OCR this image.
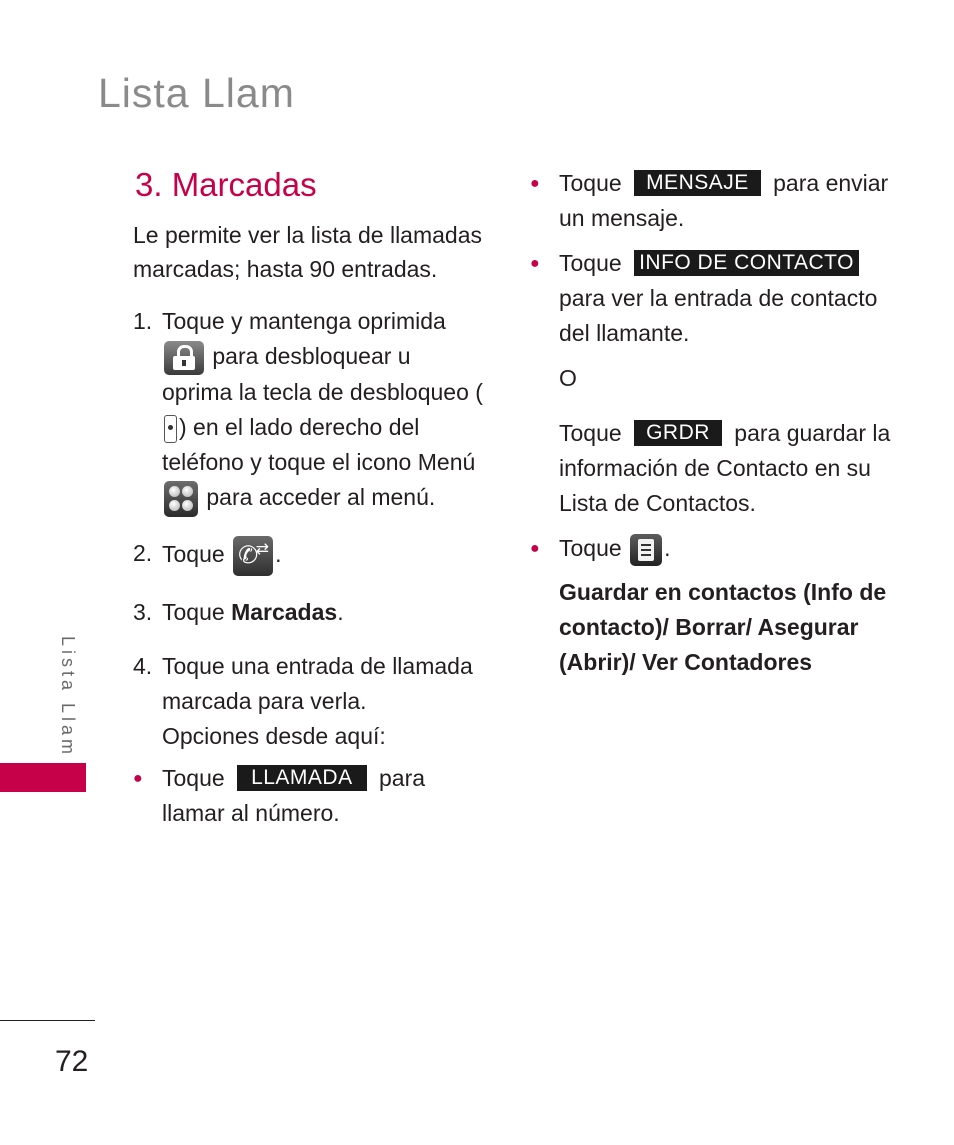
Lista Llam
3. Marcadas

Le permite ver la lista de llamadas marcadas; hasta 90 entradas.

1. Toque y mantenga oprimida

para desbloquear u oprima la tecla de desbloqueo ( ) en el lado derecho del teléfono y toque el icono Menú
para acceder al menú.
2. Toque ✆
⇄ .
3. Toque Marcadas.
4. Toque una entrada de llamada marcada para verla.
Opciones desde aquí:
● Toque LLAMADA para llamar al número.
● Toque MENSAJE para enviar un mensaje.
● Toque INFO DE CONTACTO para ver la entrada de contacto del llamante.

O

Toque GRDR para guardar la información de Contacto en su Lista de Contactos.

● Toque .

Guardar en contactos (Info de contacto)/ Borrar/ Asegurar (Abrir)/ Ver Contadores

Lista Llam

72
